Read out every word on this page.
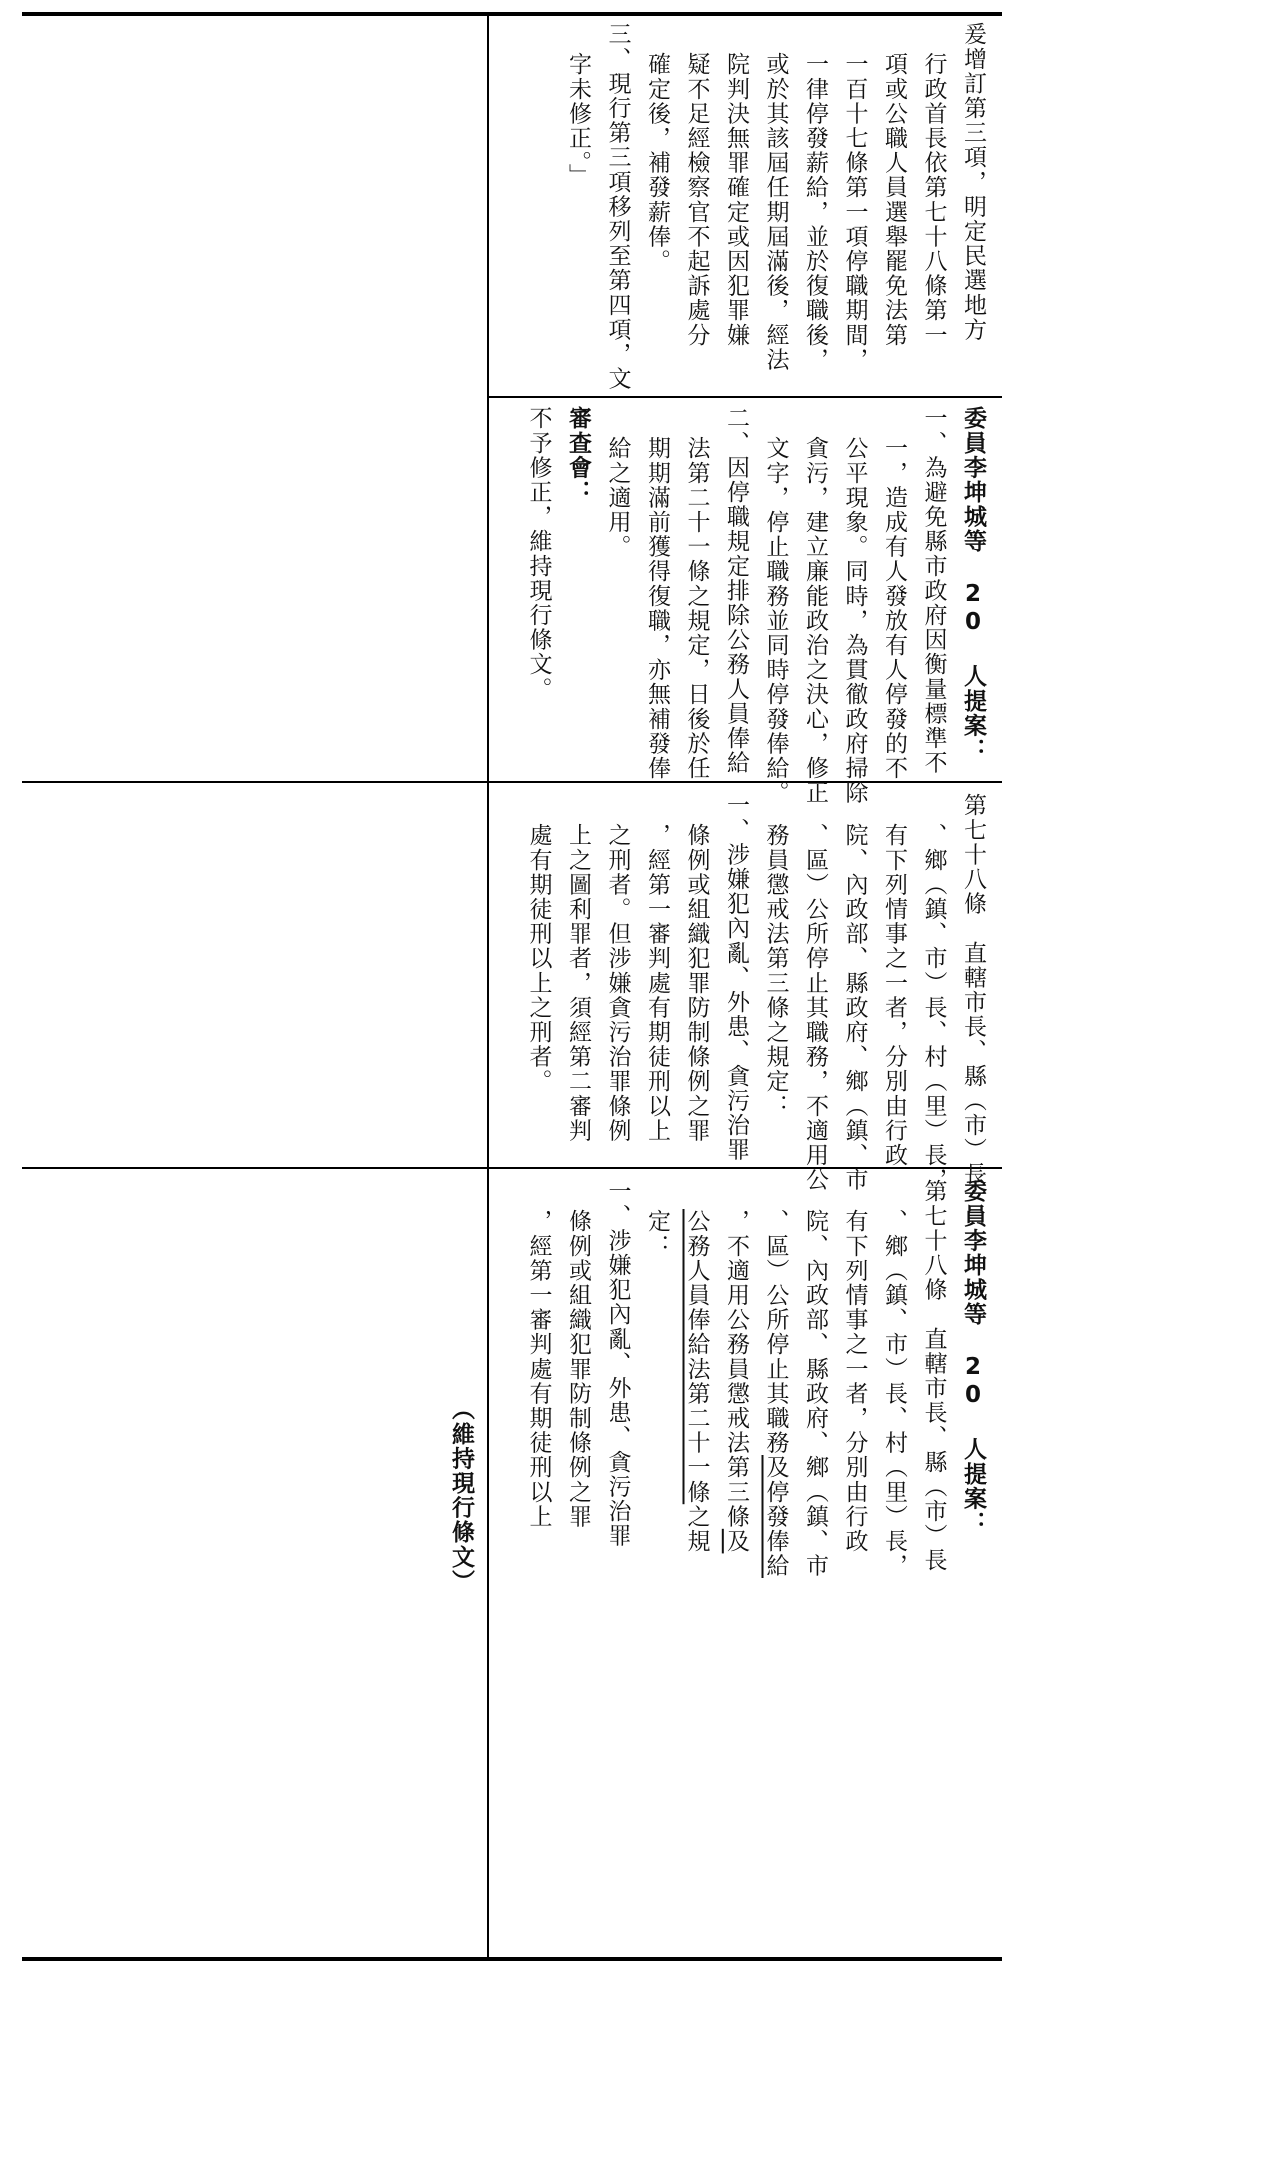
爰增訂第三項，明定民選地方
行政首長依第七十八條第一
項或公職人員選舉罷免法第
一百十七條第一項停職期間，
一律停發薪給，並於復職後，
或於其該屆任期屆滿後，經法
院判決無罪確定或因犯罪嫌
疑不足經檢察官不起訴處分
確定後，補發薪俸。
三、現行第三項移列至第四項，文
字未修正。」
委員李坤城等 20 人提案：
一、為避免縣市政府因衡量標準不
一，造成有人發放有人停發的不
公平現象。同時，為貫徹政府掃除
貪污，建立廉能政治之決心，修正
文字，停止職務並同時停發俸給。
二、因停職規定排除公務人員俸給
法第二十一條之規定，日後於任
期期滿前獲得復職，亦無補發俸
給之適用。
審查會：
不予修正，維持現行條文。
第七十八條　直轄市長、縣（市）長
、鄉（鎮、市）長、村（里）長，
有下列情事之一者，分別由行政
院、內政部、縣政府、鄉（鎮、市
、區）公所停止其職務，不適用公
務員懲戒法第三條之規定：
一、涉嫌犯內亂、外患、貪污治罪
條例或組織犯罪防制條例之罪
，經第一審判處有期徒刑以上
之刑者。但涉嫌貪污治罪條例
上之圖利罪者，須經第二審判
處有期徒刑以上之刑者。
委員李坤城等 20 人提案：
第七十八條　直轄市長、縣（市）長
、鄉（鎮、市）長、村（里）長，
有下列情事之一者，分別由行政
院、內政部、縣政府、鄉（鎮、市
、區）公所停止其職務及停發俸給
，不適用公務員懲戒法第三條及
公務人員俸給法第二十一條之規
定：
一、涉嫌犯內亂、外患、貪污治罪
條例或組織犯罪防制條例之罪
，經第一審判處有期徒刑以上
（維持現行條文）
